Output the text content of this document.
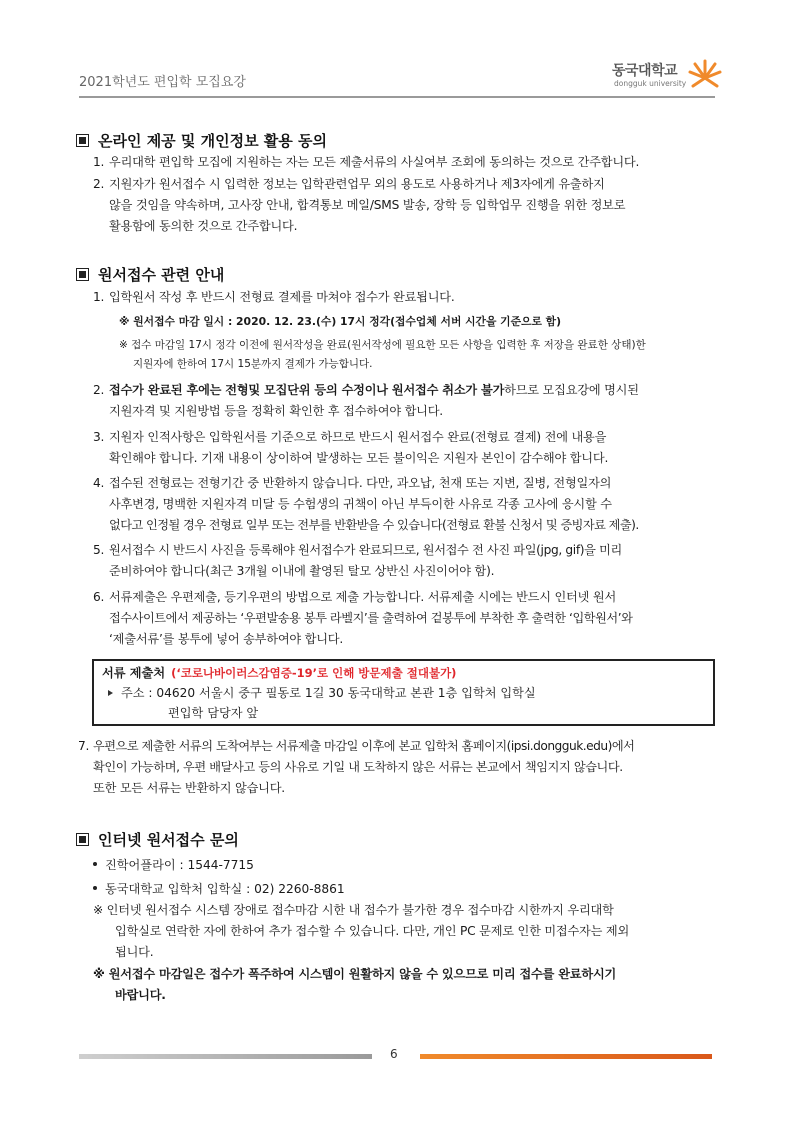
2021학년도 편입학 모집요강
동국대학교
dongguk university
온라인 제공 및 개인정보 활용 동의
1. 우리대학 편입학 모집에 지원하는 자는 모든 제출서류의 사실여부 조회에 동의하는 것으로 간주합니다.
2. 지원자가 원서접수 시 입력한 정보는 입학관련업무 외의 용도로 사용하거나 제3자에게 유출하지
않을 것임을 약속하며, 고사장 안내, 합격통보 메일/SMS 발송, 장학 등 입학업무 진행을 위한 정보로
활용함에 동의한 것으로 간주합니다.
원서접수 관련 안내
1. 입학원서 작성 후 반드시 전형료 결제를 마쳐야 접수가 완료됩니다.
※ 원서접수 마감 일시 : 2020. 12. 23.(수) 17시 정각(접수업체 서버 시간을 기준으로 함)
※ 접수 마감일 17시 정각 이전에 원서작성을 완료(원서작성에 필요한 모든 사항을 입력한 후 저장을 완료한 상태)한
지원자에 한하여 17시 15분까지 결제가 가능합니다.
2. 접수가 완료된 후에는 전형및 모집단위 등의 수정이나 원서접수 취소가 불가하므로 모집요강에 명시된
지원자격 및 지원방법 등을 정확히 확인한 후 접수하여야 합니다.
3. 지원자 인적사항은 입학원서를 기준으로 하므로 반드시 원서접수 완료(전형료 결제) 전에 내용을
확인해야 합니다. 기재 내용이 상이하여 발생하는 모든 불이익은 지원자 본인이 감수해야 합니다.
4. 접수된 전형료는 전형기간 중 반환하지 않습니다. 다만, 과오납, 천재 또는 지변, 질병, 전형일자의
사후변경, 명백한 지원자격 미달 등 수험생의 귀책이 아닌 부득이한 사유로 각종 고사에 응시할 수
없다고 인정될 경우 전형료 일부 또는 전부를 반환받을 수 있습니다(전형료 환불 신청서 및 증빙자료 제출).
5. 원서접수 시 반드시 사진을 등록해야 원서접수가 완료되므로, 원서접수 전 사진 파일(jpg, gif)을 미리
준비하여야 합니다(최근 3개월 이내에 촬영된 탈모 상반신 사진이어야 함).
6. 서류제출은 우편제출, 등기우편의 방법으로 제출 가능합니다. 서류제출 시에는 반드시 인터넷 원서
접수사이트에서 제공하는 ‘우편발송용 봉투 라벨지’를 출력하여 겉봉투에 부착한 후 출력한 ‘입학원서’와
‘제출서류’를 봉투에 넣어 송부하여야 합니다.
서류 제출처 (‘코로나바이러스감염증-19’로 인해 방문제출 절대불가)
주소 : 04620 서울시 중구 필동로 1길 30 동국대학교 본관 1층 입학처 입학실
편입학 담당자 앞
7. 우편으로 제출한 서류의 도착여부는 서류제출 마감일 이후에 본교 입학처 홈페이지(ipsi.dongguk.edu)에서
확인이 가능하며, 우편 배달사고 등의 사유로 기일 내 도착하지 않은 서류는 본교에서 책임지지 않습니다.
또한 모든 서류는 반환하지 않습니다.
인터넷 원서접수 문의
진학어플라이 : 1544-7715
동국대학교 입학처 입학실 : 02) 2260-8861
※ 인터넷 원서접수 시스템 장애로 접수마감 시한 내 접수가 불가한 경우 접수마감 시한까지 우리대학
입학실로 연락한 자에 한하여 추가 접수할 수 있습니다. 다만, 개인 PC 문제로 인한 미접수자는 제외
됩니다.
※ 원서접수 마감일은 접수가 폭주하여 시스템이 원활하지 않을 수 있으므로 미리 접수를 완료하시기
바랍니다.
6
